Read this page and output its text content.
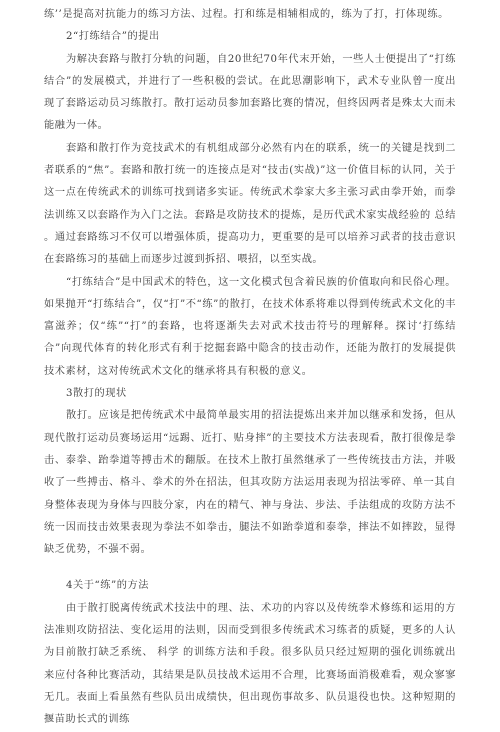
练’’是提高对抗能力的练习方法、过程。打和练是相辅相成的，练为了打，打体现练。

2“打练结合”的提出

为解决套路与散打分轨的问题，自20世纪70年代末开始，一些人士便提出了“打练结合”的发展模式，并进行了一些积极的尝试。在此思潮影响下，武术专业队曾一度出现了套路运动员习练散打。散打运动员参加套路比赛的情况，但终因两者是殊太大而未能融为一体。

套路和散打作为竞技武术的有机组成部分必然有内在的联系，统一的关键是找到二者联系的“焦”。套路和散打统一的连接点是对“技击(实战)”这一价值目标的认同，关于这一点在传统武术的训练可找到诸多实证。传统武术拳家大多主张习武由拳开始，而拳法训练又以套路作为入门之法。套路是攻防技术的提炼，是历代武术家实战经验的 总结 。通过套路练习不仅可以增强体质，提高功力，更重要的是可以培养习武者的技击意识在套路练习的基础上而逐步过渡到拆招、喂招，以至实战。

“打练结合”是中国武术的特色，这一文化模式包含着民族的价值取向和民俗心理。如果抛开“打练结合”，仅“打”不“练”的散打，在技术体系将难以得到传统武术文化的丰富滋养；仅“练”“打”的套路，也将逐渐失去对武术技击符号的理解释。探讨‘打练结合”向现代体育的转化形式有利于挖掘套路中隐含的技击动作，还能为散打的发展提供技术素材，这对传统武术文化的继承将具有积极的意义。

3散打的现状

散打。应该是把传统武术中最简单最实用的招法提炼出来并加以继承和发扬，但从现代散打运动员赛场运用“远踢、近打、贴身摔”的主要技术方法表现看，散打很像是拳击、泰拳、跆拳道等搏击术的翻版。在技术上散打虽然继承了一些传统技击方法，并吸收了一些搏击、格斗、拳术的外在招法，但其攻防方法运用表现为招法零碎、单一其自身整体表现为身体与四肢分家，内在的精气、神与身法、步法、手法组成的攻防方法不统一因而技击效果表现为拳法不如拳击，腿法不如跆拳道和泰拳，摔法不如摔跤，显得缺乏优势，不强不弱。

4关于“练”的方法

由于散打脱离传统武术技法中的理、法、术功的内容以及传统拳术修练和运用的方法准则攻防招法、变化运用的法则，因而受到很多传统武术习练者的质疑，更多的人认为目前散打缺乏系统、 科学 的训练方法和手段。很多队员只经过短期的强化训练就出来应付各种比赛活动，其结果是队员技战术运用不合理，比赛场面消极难看，观众寥寥无几。表面上看虽然有些队员出成绩快，但出现伤事故多、队员退役也快。这种短期的揠苗助长式的训练
